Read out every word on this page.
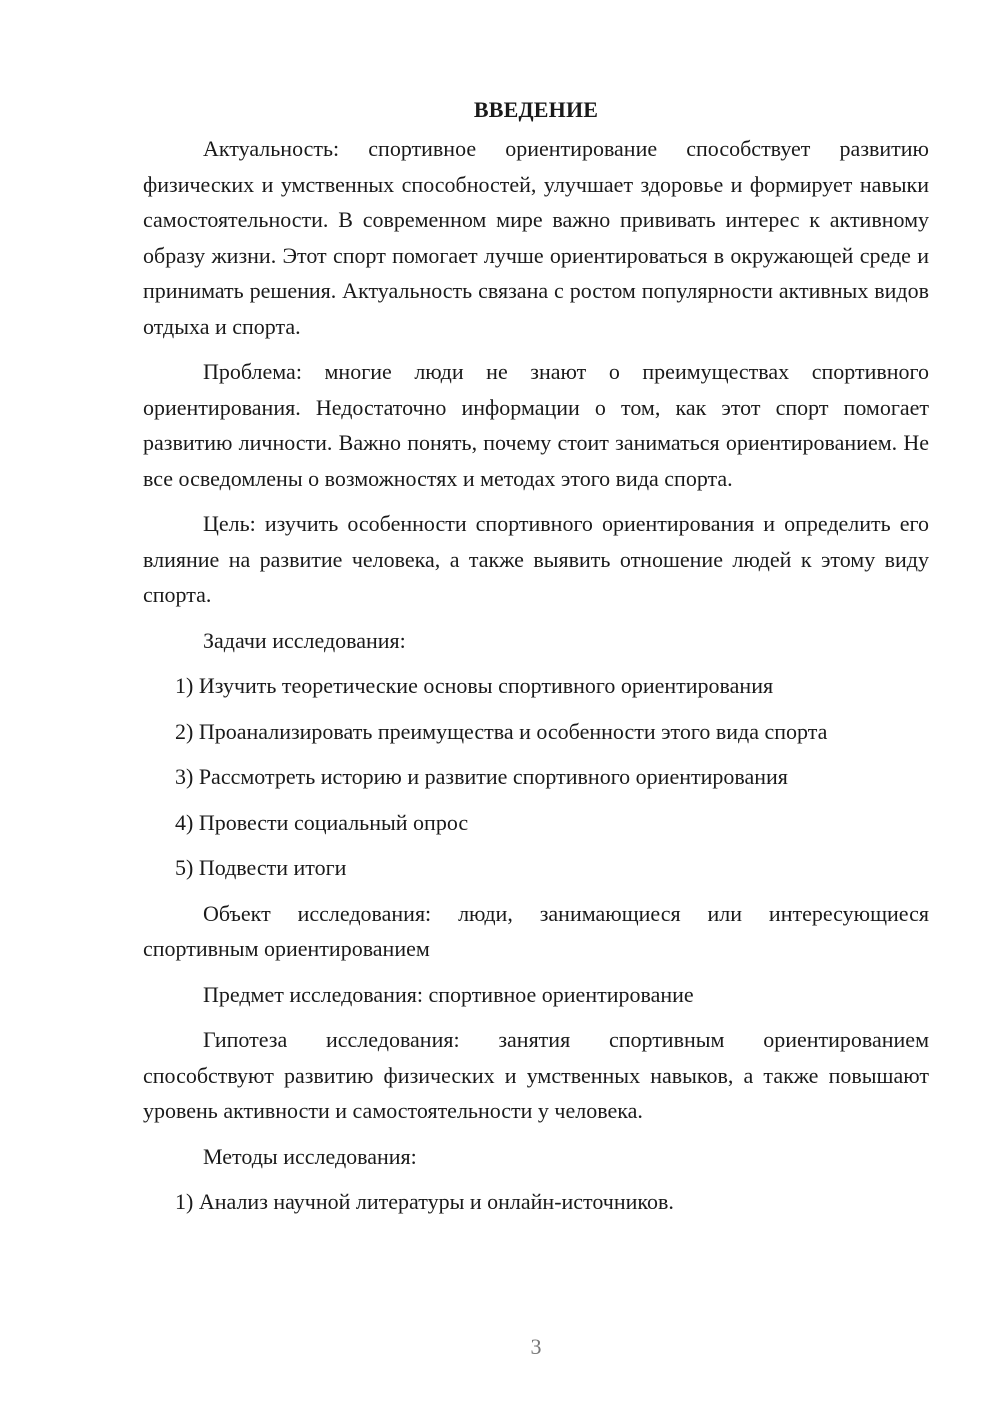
ВВЕДЕНИЕ

Актуальность: спортивное ориентирование способствует развитию физических и умственных способностей, улучшает здоровье и формирует навыки самостоятельности. В современном мире важно прививать интерес к активному образу жизни. Этот спорт помогает лучше ориентироваться в окружающей среде и принимать решения. Актуальность связана с ростом популярности активных видов отдыха и спорта.

Проблема: многие люди не знают о преимуществах спортивного ориентирования. Недостаточно информации о том, как этот спорт помогает развитию личности. Важно понять, почему стоит заниматься ориентированием. Не все осведомлены о возможностях и методах этого вида спорта.

Цель: изучить особенности спортивного ориентирования и определить его влияние на развитие человека, а также выявить отношение людей к этому виду спорта.

Задачи исследования:

1) Изучить теоретические основы спортивного ориентирования
2) Проанализировать преимущества и особенности этого вида спорта
3) Рассмотреть историю и развитие спортивного ориентирования
4) Провести социальный опрос
5) Подвести итоги

Объект исследования: люди, занимающиеся или интересующиеся спортивным ориентированием

Предмет исследования: спортивное ориентирование

Гипотеза исследования: занятия спортивным ориентированием способствуют развитию физических и умственных навыков, а также повышают уровень активности и самостоятельности у человека.

Методы исследования:

1) Анализ научной литературы и онлайн-источников.
3
